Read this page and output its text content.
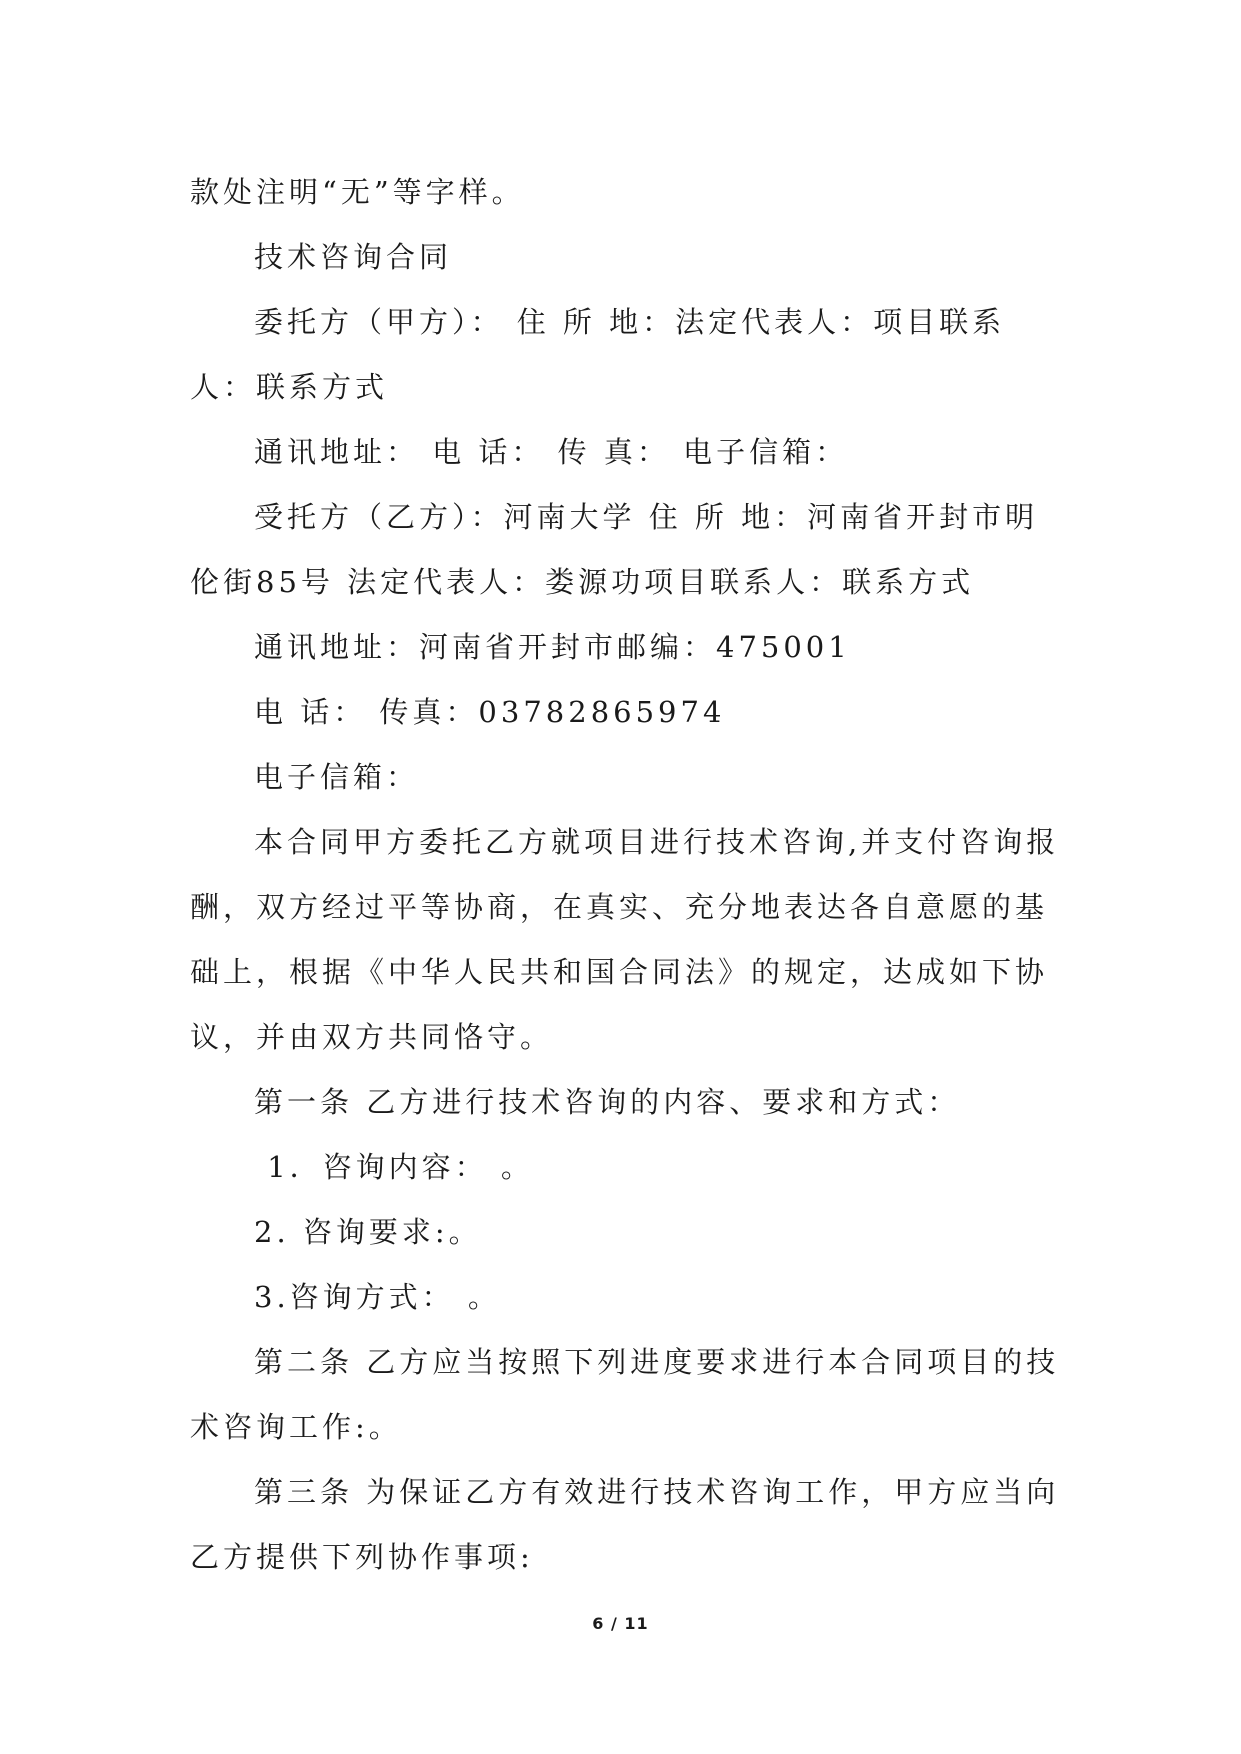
款处注明“无”等字样。

技术咨询合同

委托方（甲方）： 住 所 地：法定代表人：项目联系人：联系方式

通讯地址： 电 话： 传 真： 电子信箱：

受托方（乙方）：河南大学 住 所 地：河南省开封市明伦街85号 法定代表人：娄源功项目联系人：联系方式

通讯地址：河南省开封市邮编：475001

电 话： 传真：03782865974

电子信箱：

本合同甲方委托乙方就项目进行技术咨询,并支付咨询报酬，双方经过平等协商，在真实、充分地表达各自意愿的基础上，根据《中华人民共和国合同法》的规定，达成如下协议，并由双方共同恪守。

第一条 乙方进行技术咨询的内容、要求和方式：

1．咨询内容： 。

2. 咨询要求:。

3.咨询方式： 。

第二条 乙方应当按照下列进度要求进行本合同项目的技术咨询工作:。

第三条 为保证乙方有效进行技术咨询工作，甲方应当向乙方提供下列协作事项:

6 / 11
